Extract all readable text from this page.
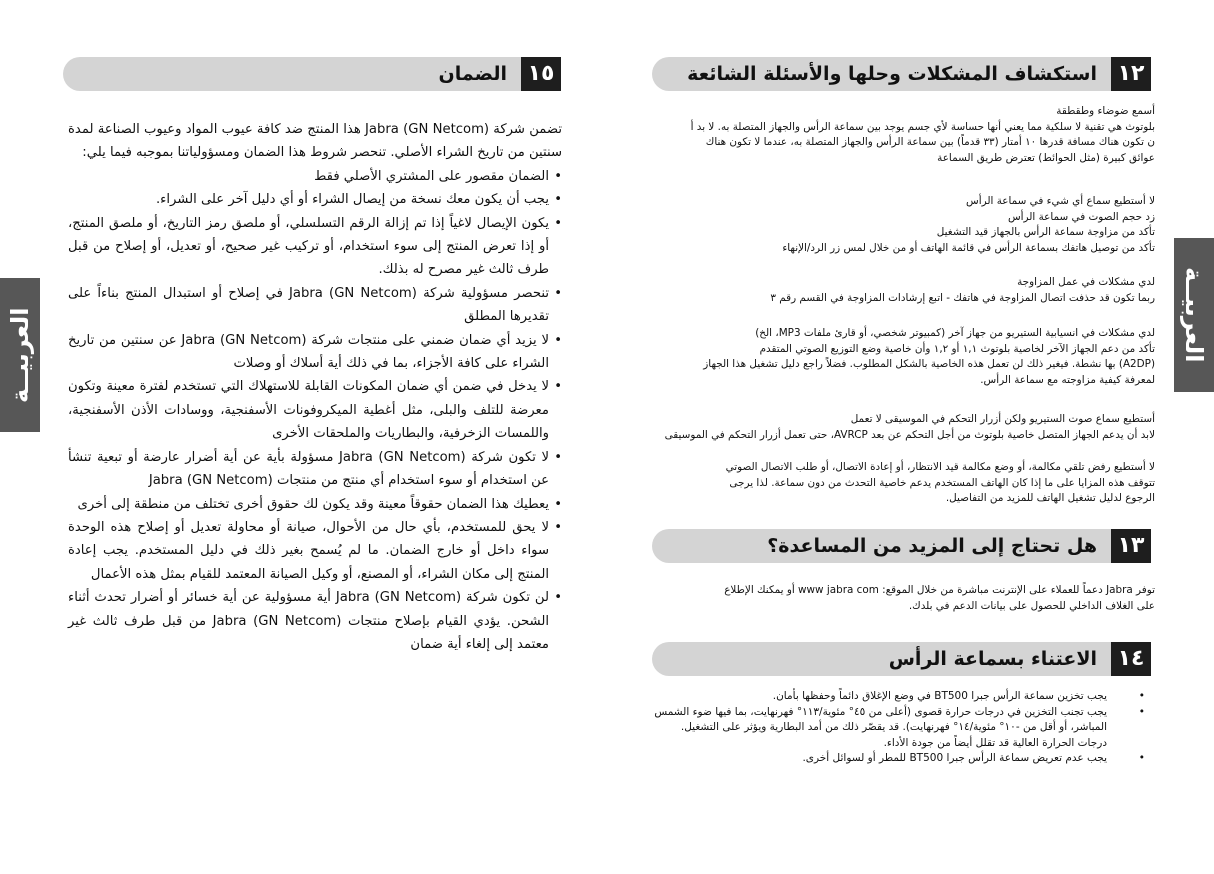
الضمان ١٥
العربيــة

تضمن شركة Jabra (GN Netcom) هذا المنتج ضد كافة عيوب المواد وعيوب الصناعة لمدة سنتين من تاريخ الشراء الأصلي. تنحصر شروط هذا الضمان ومسؤولياتنا بموجبه فيما يلي:

• الضمان مقصور على المشتري الأصلي فقط

• يجب أن يكون معك نسخة من إيصال الشراء أو أي دليل آخر على الشراء.

• يكون الإيصال لاغياً إذا تم إزالة الرقم التسلسلي، أو ملصق رمز التاريخ، أو ملصق المنتج، أو إذا تعرض المنتج إلى سوء استخدام، أو تركيب غير صحيح، أو تعديل، أو إصلاح من قبل طرف ثالث غير مصرح له بذلك.

• تنحصر مسؤولية شركة Jabra (GN Netcom) في إصلاح أو استبدال المنتج بناءاً على تقديرها المطلق

• لا يزيد أي ضمان ضمني على منتجات شركة Jabra (GN Netcom) عن سنتين من تاريخ الشراء على كافة الأجزاء، بما في ذلك أية أسلاك أو وصلات

• لا يدخل في ضمن أي ضمان المكونات القابلة للاستهلاك التي تستخدم لفترة معينة وتكون معرضة للتلف والبلى، مثل أغطية الميكروفونات الأسفنجية، ووسادات الأذن الأسفنجية، واللمسات الزخرفية، والبطاريات والملحقات الأخرى

• لا تكون شركة Jabra (GN Netcom) مسؤولة بأية عن أية أضرار عارضة أو تبعية تنشأ عن استخدام أو سوء استخدام أي منتج من منتجات Jabra (GN Netcom)

• يعطيك هذا الضمان حقوقاً معينة وقد يكون لك حقوق أخرى تختلف من منطقة إلى أخرى

• لا يحق للمستخدم، بأي حال من الأحوال، صيانة أو محاولة تعديل أو إصلاح هذه الوحدة سواء داخل أو خارج الضمان. ما لم يُسمح بغير ذلك في دليل المستخدم. يجب إعادة المنتج إلى مكان الشراء، أو المصنع، أو وكيل الصيانة المعتمد للقيام بمثل هذه الأعمال

• لن تكون شركة Jabra (GN Netcom) أية مسؤولية عن أية خسائر أو أضرار تحدث أثناء الشحن. يؤدي القيام بإصلاح منتجات Jabra (GN Netcom) من قبل طرف ثالث غير معتمد إلى إلغاء أية ضمان

استكشاف المشكلات وحلها والأسئلة الشائعة ١٢

أسمع ضوضاء وطقطقة

بلوتوث هي تقنية لا سلكية مما يعني أنها حساسة لأي جسم يوجد بين سماعة الرأس والجهاز المتصلة به. لا بد أ

ن تكون هناك مسافة قدرها ١٠ أمتار (٣٣ قدماً) بين سماعة الرأس والجهاز المتصلة به، عندما لا تكون هناك

عوائق كبيرة (مثل الحوائط) تعترض طريق السماعة

لا أستطيع سماع أي شيء في سماعة الرأس

زد حجم الصوت في سماعة الرأس

تأكد من مزاوجة سماعة الرأس بالجهاز قيد التشغيل

تأكد من توصيل هاتفك بسماعة الرأس في قائمة الهاتف أو من خلال لمس زر الرد/الإنهاء

لدي مشكلات في عمل المزاوجة

ربما تكون قد حذفت اتصال المزاوجة في هاتفك - اتبع إرشادات المزاوجة في القسم رقم ٣

لدي مشكلات في انسيابية الستيريو من جهاز آخر (كمبيوتر شخصي، أو قارئ ملفات MP3، الخ)

تأكد من دعم الجهاز الآخر لخاصية بلوتوث ١,١ أو ١,٢ وأن خاصية وضع التوزيع الصوتي المتقدم

(A2DP) بها نشطة. فيغير ذلك لن تعمل هذه الخاصية بالشكل المطلوب. فضلاً راجع دليل تشغيل هذا الجهاز

لمعرفة كيفية مزاوجته مع سماعة الرأس.

أستطيع سماع صوت الستيريو ولكن أزرار التحكم في الموسيقى لا تعمل

لابد أن يدعم الجهاز المتصل خاصية بلوتوث من أجل التحكم عن بعد AVRCP، حتى تعمل أزرار التحكم في الموسيقى

لا أستطيع رفض تلقي مكالمة، أو وضع مكالمة قيد الانتظار، أو إعادة الاتصال، أو طلب الاتصال الصوتي

تتوقف هذه المزايا على ما إذا كان الهاتف المستخدم يدعم خاصية التحدث من دون سماعة. لذا يرجى

الرجوع لدليل تشغيل الهاتف للمزيد من التفاصيل.

هل تحتاج إلى المزيد من المساعدة؟ ١٣

توفر Jabra دعماً للعملاء على الإنترنت مباشرة من خلال الموقع: www jabra com أو يمكنك الإطلاع

على الغلاف الداخلي للحصول على بيانات الدعم في بلدك.

الاعتناء بسماعة الرأس ١٤

• يجب تخزين سماعة الرأس جبرا BT500 في وضع الإغلاق دائماً وحفظها بأمان.

• يجب تجنب التخزين في درجات حرارة قصوى (أعلى من ٤٥° مئوية/١١٣° فهرنهايت، بما فيها ضوء الشمس المباشر، أو أقل من -١٠° مئوية/١٤° فهرنهايت). قد يقصّر ذلك من أمد البطارية ويؤثر على التشغيل. درجات الحرارة العالية قد تقلل أيضاً من جودة الأداء.

• يجب عدم تعريض سماعة الرأس جبرا BT500 للمطر أو لسوائل أخرى.

العربيــة
